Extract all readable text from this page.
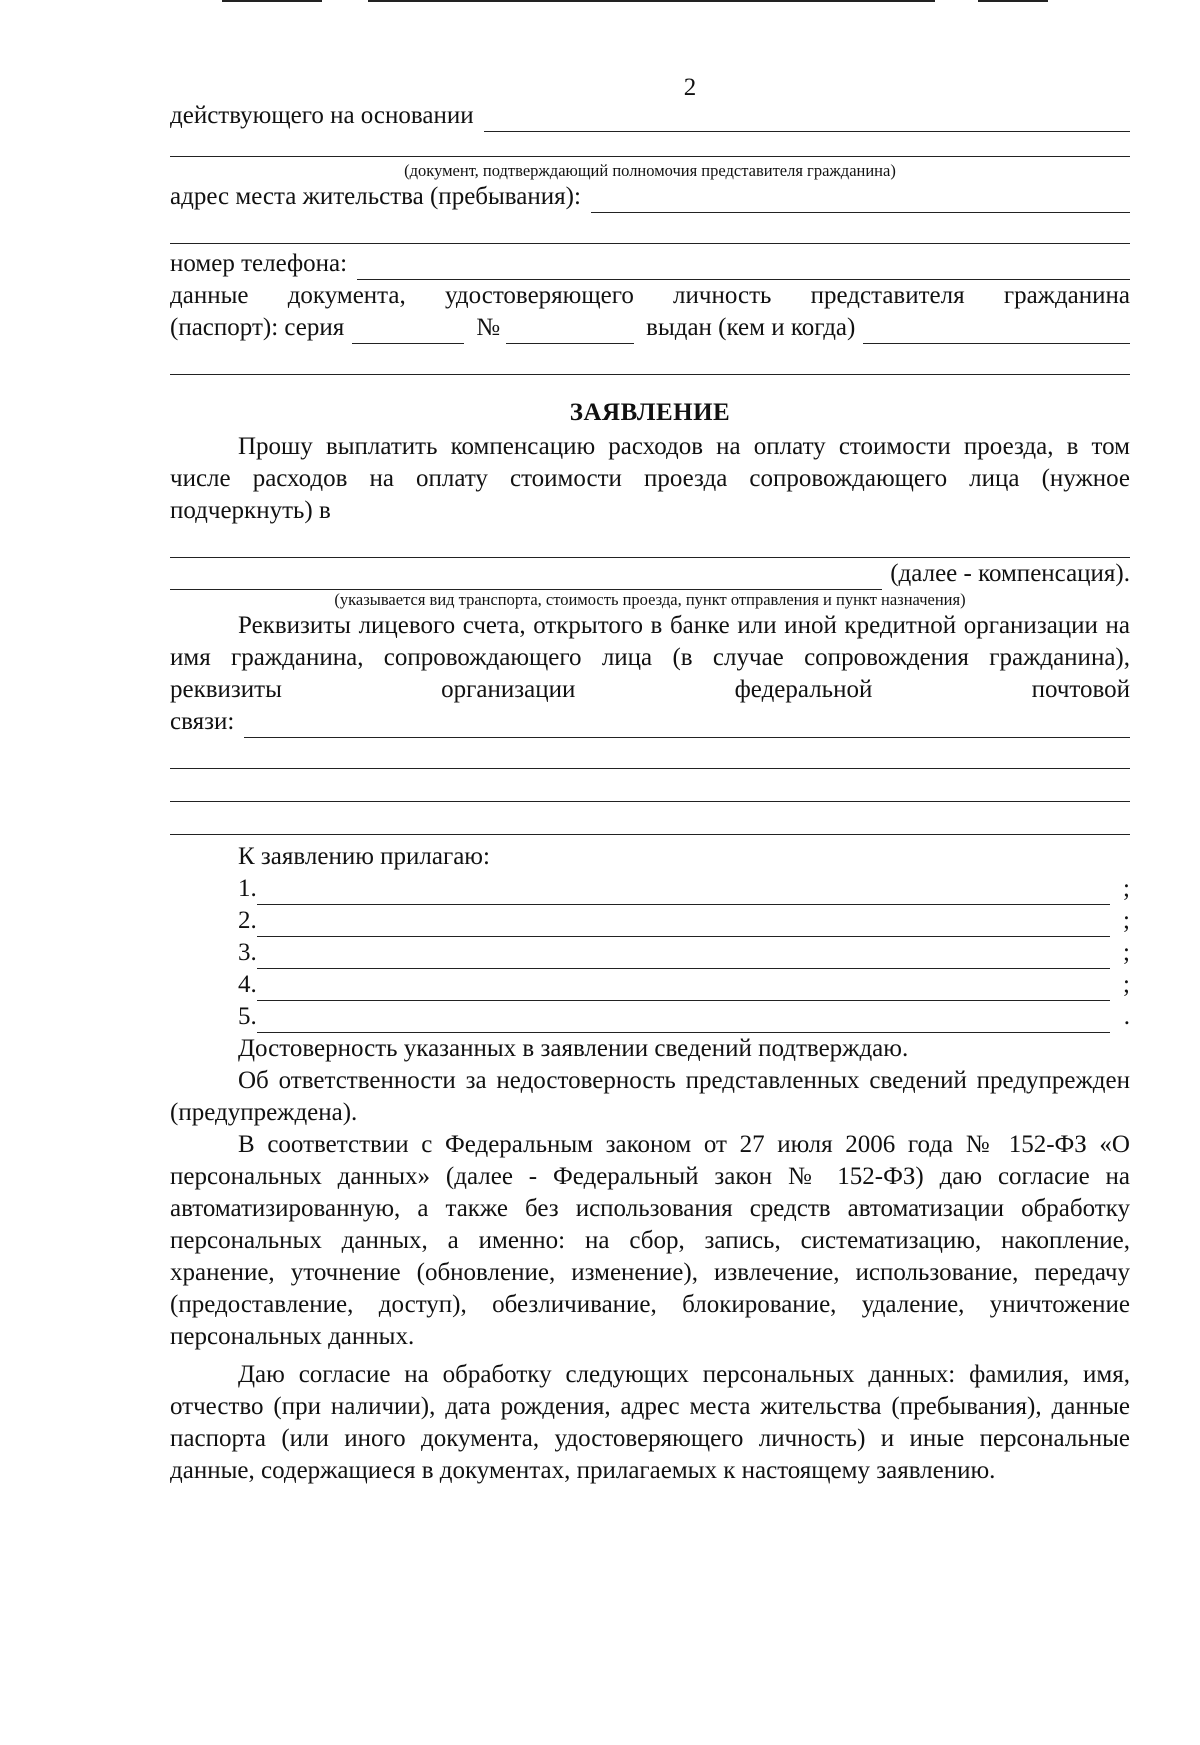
2
действующего на основании
(документ, подтверждающий полномочия представителя гражданина)
адрес места жительства (пребывания):
номер телефона:

данные документа, удостоверяющего личность представителя гражданина

(паспорт): серия	№	выдан (кем и когда)
ЗАЯВЛЕНИЕ

Прошу выплатить компенсацию расходов на оплату стоимости проезда, в том числе расходов на оплату стоимости проезда сопровождающего лица (нужное подчеркнуть) в

(далее - компенсация).
(указывается вид транспорта, стоимость проезда, пункт отправления и пункт назначения)

Реквизиты лицевого счета, открытого в банке или иной кредитной организации на имя гражданина, сопровождающего лица (в случае сопровождения гражданина), реквизиты организации федеральной почтовой

связи:
К заявлению прилагаю:
1.	;
2.	;
3.	;
4.	;
5.	.

Достоверность указанных в заявлении сведений подтверждаю.

Об ответственности за недостоверность представленных сведений предупрежден (предупреждена).

В соответствии с Федеральным законом от 27 июля 2006 года № 152-ФЗ «О персональных данных» (далее - Федеральный закон № 152-ФЗ) даю согласие на автоматизированную, а также без использования средств автоматизации обработку персональных данных, а именно: на сбор, запись, систематизацию, накопление, хранение, уточнение (обновление, изменение), извлечение, использование, передачу (предоставление, доступ), обезличивание, блокирование, удаление, уничтожение персональных данных.

Даю согласие на обработку следующих персональных данных: фамилия, имя, отчество (при наличии), дата рождения, адрес места жительства (пребывания), данные паспорта (или иного документа, удостоверяющего личность) и иные персональные данные, содержащиеся в документах, прилагаемых к настоящему заявлению.
